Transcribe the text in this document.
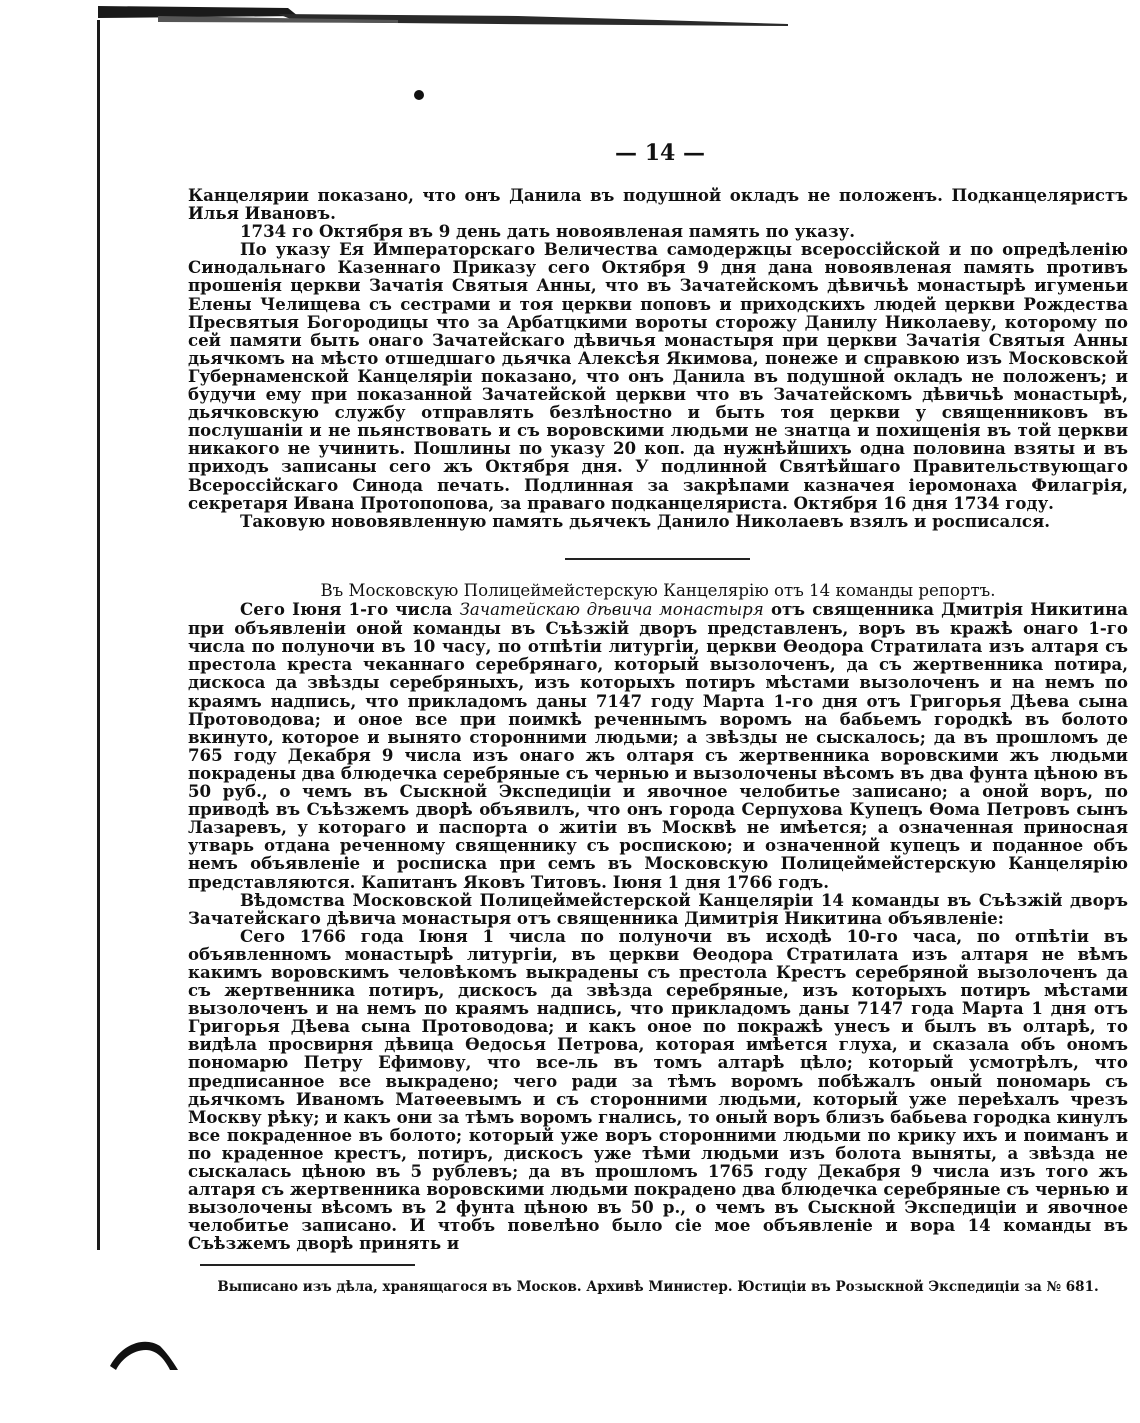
— 14 —

Канцелярии показано, что онъ Данила въ подушной окладъ не положенъ. Подканцеляристъ Илья Ивановъ.

1734 го Октября въ 9 день дать новоявленая память по указу.

По указу Ея Императорскаго Величества самодержцы всероссійской и по опредѣленію Синодальнаго Казеннаго Приказу сего Октября 9 дня дана новоявленая память противъ прошенія церкви Зачатія Святыя Анны, что въ Зачатейскомъ дѣвичьѣ монастырѣ игуменьи Елены Челищева съ сестрами и тоя церкви поповъ и приходскихъ людей церкви Рождества Пресвятыя Богородицы что за Арбатцкими вороты сторожу Данилу Николаеву, которому по сей памяти быть онаго Зачатейскаго дѣвичья монастыря при церкви Зачатія Святыя Анны дьячкомъ на мѣсто отшедшаго дьячка Алексѣя Якимова, понеже и справкою изъ Московской Губернаменской Канцеляріи показано, что онъ Данила въ подушной окладъ не положенъ; и будучи ему при показанной Зачатейской церкви что въ Зачатейскомъ дѣвичьѣ монастырѣ, дьячковскую службу отправлять безлѣностно и быть тоя церкви у священниковъ въ послушаніи и не пьянствовать и съ воровскими людьми не знатца и похищенія въ той церкви никакого не учинить. Пошлины по указу 20 коп. да нужнѣйшихъ одна половина взяты и въ приходъ записаны сего жъ Октября дня. У подлинной Святѣйшаго Правительствующаго Всероссійскаго Синода печать. Подлинная за закрѣпами казначея іеромонаха Филагрія, секретаря Ивана Протопопова, за праваго подканцеляриста. Октября 16 дня 1734 году.

Таковую нововявленную память дьячекъ Данило Николаевъ взялъ и росписался.

Въ Московскую Полицеймейстерскую Канцелярію отъ 14 команды репортъ.

Сего Іюня 1-го числа Зачатейскаю дѣвича монастыря отъ священника Дмитрія Никитина при объявленіи оной команды въ Съѣзжій дворъ представленъ, воръ въ кражѣ онаго 1-го числа по полуночи въ 10 часу, по отпѣтіи литургіи, церкви Ѳеодора Стратилата изъ алтаря съ престола креста чеканнаго серебрянаго, который вызолоченъ, да съ жертвенника потира, дискоса да звѣзды серебряныхъ, изъ которыхъ потиръ мѣстами вызолоченъ и на немъ по краямъ надпись, что прикладомъ даны 7147 году Марта 1-го дня отъ Григорья Дѣева сына Протоводова; и оное все при поимкѣ реченнымъ воромъ на бабьемъ городкѣ въ болото вкинуто, которое и вынято сторонними людьми; а звѣзды не сыскалось; да въ прошломъ де 765 году Декабря 9 числа изъ онаго жъ олтаря съ жертвенника воровскими жъ людьми покрадены два блюдечка серебряные съ чернью и вызолочены вѣсомъ въ два фунта цѣною въ 50 руб., о чемъ въ Сыскной Экспедиціи и явочное челобитье записано; а оной воръ, по приводѣ въ Съѣзжемъ дворѣ объявилъ, что онъ города Серпухова Купецъ Ѳома Петровъ сынъ Лазаревъ, у котораго и паспорта о житіи въ Москвѣ не имѣется; а означенная приносная утварь отдана реченному священнику съ роспискою; и означенной купецъ и поданное объ немъ объявленіе и росписка при семъ въ Московскую Полицеймейстерскую Канцелярію представляются. Капитанъ Яковъ Титовъ. Іюня 1 дня 1766 годъ.

Вѣдомства Московской Полицеймейстерской Канцеляріи 14 команды въ Съѣзжій дворъ Зачатейскаго дѣвича монастыря отъ священника Димитрія Никитина объявленіе:

Сего 1766 года Іюня 1 числа по полуночи въ исходѣ 10-го часа, по отпѣтіи въ объявленномъ монастырѣ литургіи, въ церкви Ѳеодора Стратилата изъ алтаря не вѣмъ какимъ воровскимъ человѣкомъ выкрадены съ престола Крестъ серебряной вызолоченъ да съ жертвенника потиръ, дискосъ да звѣзда серебряные, изъ которыхъ потиръ мѣстами вызолоченъ и на немъ по краямъ надпись, что прикладомъ даны 7147 года Марта 1 дня отъ Григорья Дѣева сына Протоводова; и какъ оное по покражѣ унесъ и былъ въ олтарѣ, то видѣла просвирня дѣвица Ѳедосья Петрова, которая имѣется глуха, и сказала объ ономъ пономарю Петру Ефимову, что все-ль въ томъ алтарѣ цѣло; который усмотрѣлъ, что предписанное все выкрадено; чего ради за тѣмъ воромъ побѣжалъ оный пономарь съ дьячкомъ Иваномъ Матѳеевымъ и съ сторонними людьми, который уже переѣхалъ чрезъ Москву рѣку; и какъ они за тѣмъ воромъ гнались, то оный воръ близъ бабьева городка кинулъ все покраденное въ болото; который уже воръ сторонними людьми по крику ихъ и поиманъ и по краденное крестъ, потиръ, дискосъ уже тѣми людьми изъ болота выняты, а звѣзда не сыскалась цѣною въ 5 рублевъ; да въ прошломъ 1765 году Декабря 9 числа изъ того жъ алтаря съ жертвенника воровскими людьми покрадено два блюдечка серебряные съ чернью и вызолочены вѣсомъ въ 2 фунта цѣною въ 50 р., о чемъ въ Сыскной Экспедиціи и явочное челобитье записано. И чтобъ повелѣно было сіе мое объявленіе и вора 14 команды въ Съѣзжемъ дворѣ принять и

Выписано изъ дѣла, хранящагося въ Москов. Архивѣ Министер. Юстиціи въ Розыскной Экспедиціи за № 681.
